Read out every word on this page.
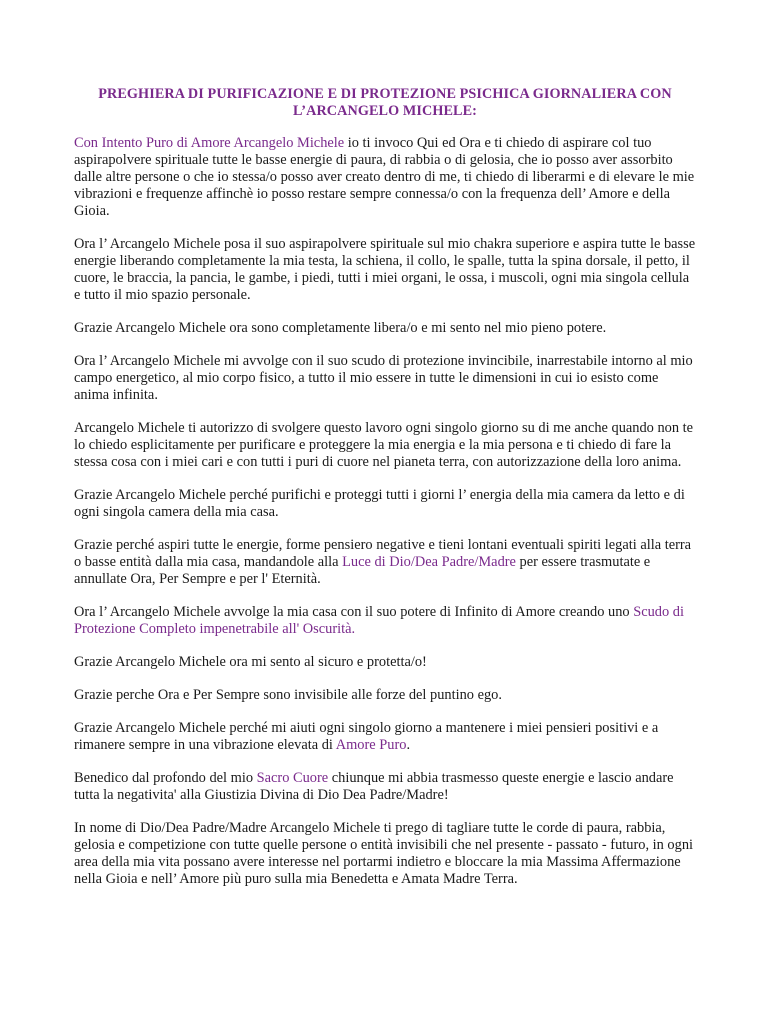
PREGHIERA DI PURIFICAZIONE E DI PROTEZIONE PSICHICA GIORNALIERA CON L’ARCANGELO MICHELE:

Con Intento Puro di Amore Arcangelo Michele io ti invoco Qui ed Ora e ti chiedo di aspirare col tuo aspirapolvere spirituale tutte le basse energie di paura, di rabbia o di gelosia, che io posso aver assorbito dalle altre persone o che io stessa/o posso aver creato dentro di me, ti chiedo di liberarmi e di elevare le mie vibrazioni e frequenze affinchè io posso restare sempre connessa/o con la frequenza dell’ Amore e della Gioia.

Ora l’ Arcangelo Michele posa il suo aspirapolvere spirituale sul mio chakra superiore e aspira tutte le basse energie liberando completamente la mia testa, la schiena, il collo, le spalle, tutta la spina dorsale, il petto, il cuore, le braccia, la pancia, le gambe, i piedi, tutti i miei organi, le ossa, i muscoli, ogni mia singola cellula e tutto il mio spazio personale.

Grazie Arcangelo Michele ora sono completamente libera/o e mi sento nel mio pieno potere.

Ora l’ Arcangelo Michele mi avvolge con il suo scudo di protezione invincibile, inarrestabile intorno al mio campo energetico, al mio corpo fisico, a tutto il mio essere in tutte le dimensioni in cui io esisto come anima infinita.

Arcangelo Michele ti autorizzo di svolgere questo lavoro ogni singolo giorno su di me anche quando non te lo chiedo esplicitamente per purificare e proteggere la mia energia e la mia persona e ti chiedo di fare la stessa cosa con i miei cari e con tutti i puri di cuore nel pianeta terra, con autorizzazione della loro anima.

Grazie Arcangelo Michele perché purifichi e proteggi tutti i giorni l’ energia della mia camera da letto e di ogni singola camera della mia casa.

Grazie perché aspiri tutte le energie, forme pensiero negative e tieni lontani eventuali spiriti legati alla terra o basse entità dalla mia casa, mandandole alla Luce di Dio/Dea Padre/Madre per essere trasmutate e annullate Ora, Per Sempre e per l' Eternità.

Ora l’ Arcangelo Michele avvolge la mia casa con il suo potere di Infinito di Amore creando uno Scudo di Protezione Completo impenetrabile all' Oscurità.

Grazie Arcangelo Michele ora mi sento al sicuro e protetta/o!

Grazie perche Ora e Per Sempre sono invisibile alle forze del puntino ego.

Grazie Arcangelo Michele perché mi aiuti ogni singolo giorno a mantenere i miei pensieri positivi e a rimanere sempre in una vibrazione elevata di Amore Puro.

Benedico dal profondo del mio Sacro Cuore chiunque mi abbia trasmesso queste energie e lascio andare tutta la negativita' alla Giustizia Divina di Dio Dea Padre/Madre!

In nome di Dio/Dea Padre/Madre Arcangelo Michele ti prego di tagliare tutte le corde di paura, rabbia, gelosia e competizione con tutte quelle persone o entità invisibili che nel presente - passato - futuro, in ogni area della mia vita possano avere interesse nel portarmi indietro e bloccare la mia Massima Affermazione nella Gioia e nell’ Amore più puro sulla mia Benedetta e Amata Madre Terra.
